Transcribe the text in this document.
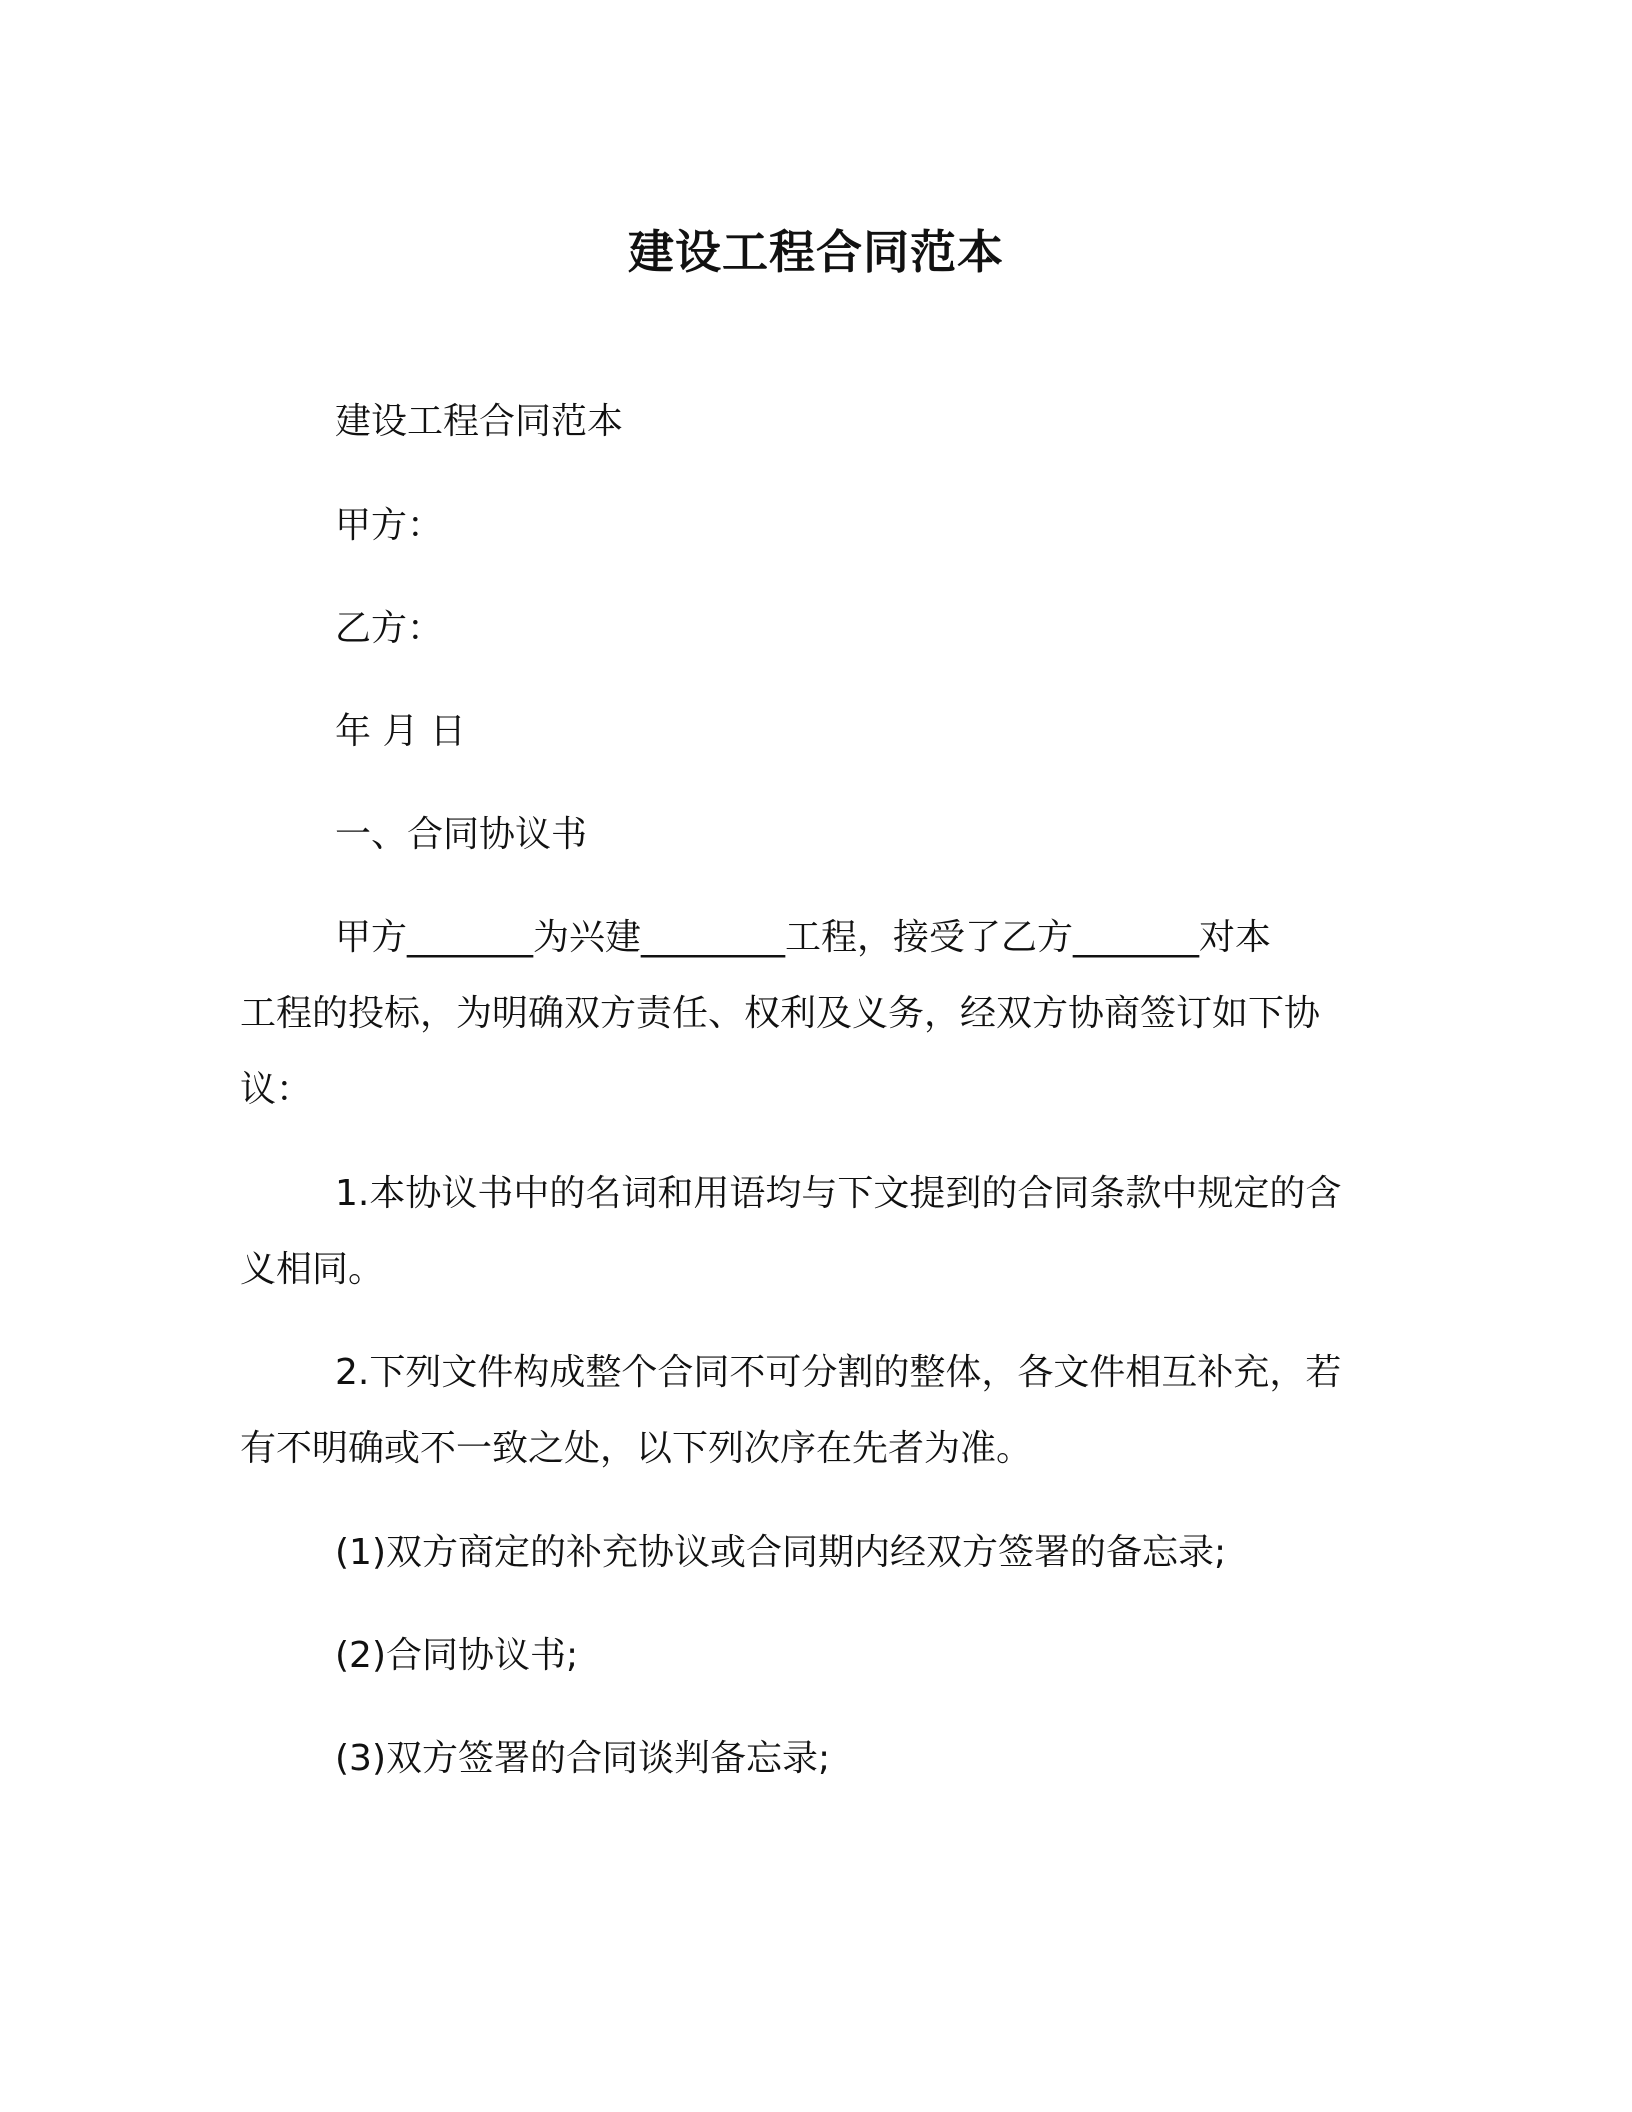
建设工程合同范本
建设工程合同范本
甲方：
乙方：
年 月 日
一、合同协议书
甲方_______为兴建________工程，接受了乙方_______对本
工程的投标，为明确双方责任、权利及义务，经双方协商签订如下协
议：
1.本协议书中的名词和用语均与下文提到的合同条款中规定的含
义相同。
2.下列文件构成整个合同不可分割的整体，各文件相互补充，若
有不明确或不一致之处，以下列次序在先者为准。
(1)双方商定的补充协议或合同期内经双方签署的备忘录;
(2)合同协议书;
(3)双方签署的合同谈判备忘录;
